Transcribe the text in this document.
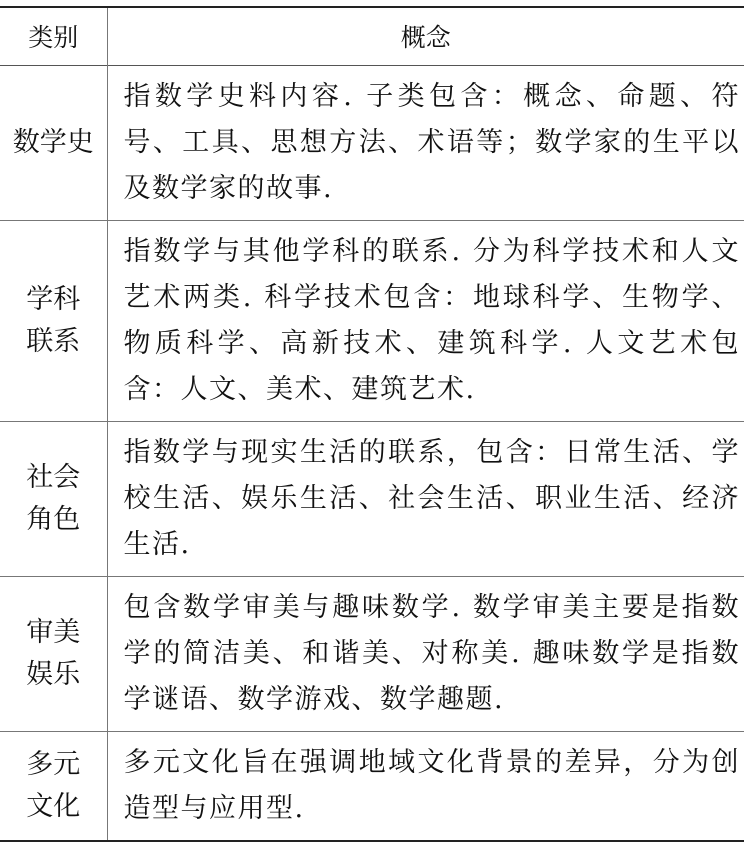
类别	概念

数学史	指数学史料内容. 子类包含：概念、命题、符号、工具、思想方法、术语等；数学家的生平以及数学家的故事.

学科
联系	指数学与其他学科的联系. 分为科学技术和人文艺术两类. 科学技术包含：地球科学、生物学、物质科学、高新技术、建筑科学. 人文艺术包含：人文、美术、建筑艺术.

社会
角色	指数学与现实生活的联系，包含：日常生活、学校生活、娱乐生活、社会生活、职业生活、经济生活.

审美
娱乐	包含数学审美与趣味数学. 数学审美主要是指数学的简洁美、和谐美、对称美. 趣味数学是指数学谜语、数学游戏、数学趣题.

多元
文化	多元文化旨在强调地域文化背景的差异，分为创造型与应用型.
